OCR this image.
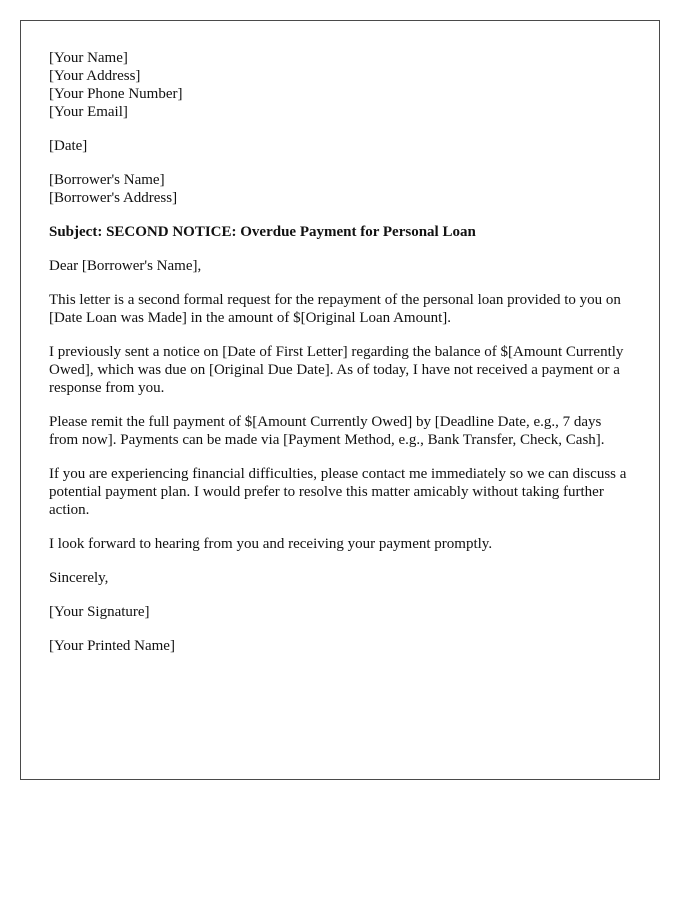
[Your Name]
[Your Address]
[Your Phone Number]
[Your Email]
[Date]
[Borrower's Name]
[Borrower's Address]

Subject: SECOND NOTICE: Overdue Payment for Personal Loan

Dear [Borrower's Name],

This letter is a second formal request for the repayment of the personal loan provided to you on [Date Loan was Made] in the amount of $[Original Loan Amount].

I previously sent a notice on [Date of First Letter] regarding the balance of $[Amount Currently Owed], which was due on [Original Due Date]. As of today, I have not received a payment or a response from you.

Please remit the full payment of $[Amount Currently Owed] by [Deadline Date, e.g., 7 days from now]. Payments can be made via [Payment Method, e.g., Bank Transfer, Check, Cash].

If you are experiencing financial difficulties, please contact me immediately so we can discuss a potential payment plan. I would prefer to resolve this matter amicably without taking further action.

I look forward to hearing from you and receiving your payment promptly.

Sincerely,

[Your Signature]

[Your Printed Name]
